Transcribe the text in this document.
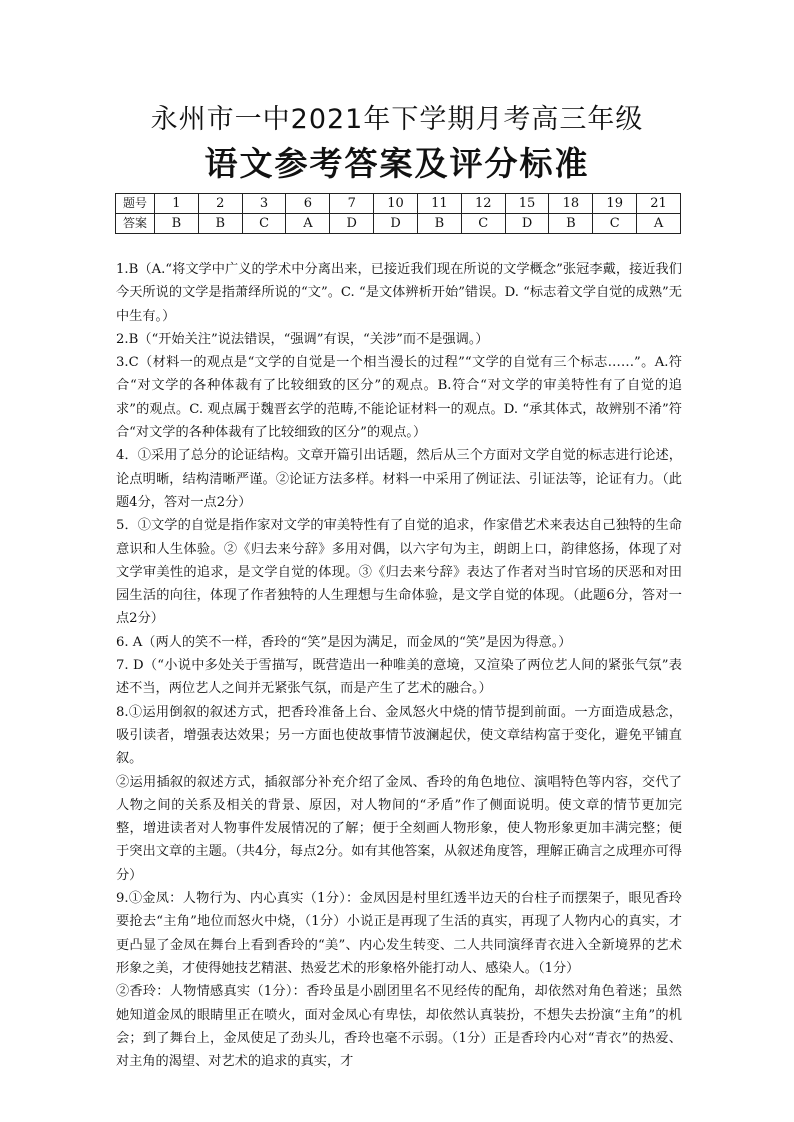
永州市一中2021年下学期月考高三年级
语文参考答案及评分标准
题号	1	2	3	6	7	10	11	12	15	18	19	21
答案	B	B	C	A	D	D	B	C	D	B	C	A

1.B（A.“将文学中广义的学术中分离出来，已接近我们现在所说的文学概念”张冠李戴，接近我们今天所说的文学是指萧绎所说的“文”。C. “是文体辨析开始”错误。D. “标志着文学自觉的成熟”无中生有。）

2.B（“开始关注”说法错误，“强调”有误，“关涉”而不是强调。）

3.C（材料一的观点是“文学的自觉是一个相当漫长的过程”“文学的自觉有三个标志……”。A.符合“对文学的各种体裁有了比较细致的区分”的观点。B.符合“对文学的审美特性有了自觉的追求”的观点。C. 观点属于魏晋玄学的范畴,不能论证材料一的观点。D. “承其体式，故辨别不淆”符合“对文学的各种体裁有了比较细致的区分”的观点。）

4．①采用了总分的论证结构。文章开篇引出话题，然后从三个方面对文学自觉的标志进行论述，论点明晰，结构清晰严谨。②论证方法多样。材料一中采用了例证法、引证法等，论证有力。（此题4分，答对一点2分）

5．①文学的自觉是指作家对文学的审美特性有了自觉的追求，作家借艺术来表达自己独特的生命意识和人生体验。②《归去来兮辞》多用对偶，以六字句为主，朗朗上口，韵律悠扬，体现了对文学审美性的追求，是文学自觉的体现。③《归去来兮辞》表达了作者对当时官场的厌恶和对田园生活的向往，体现了作者独特的人生理想与生命体验，是文学自觉的体现。（此题6分，答对一点2分）

6. A（两人的笑不一样，香玲的“笑”是因为满足，而金凤的“笑”是因为得意。）

7. D（“小说中多处关于雪描写，既营造出一种唯美的意境，又渲染了两位艺人间的紧张气氛”表述不当，两位艺人之间并无紧张气氛，而是产生了艺术的融合。）

8.①运用倒叙的叙述方式，把香玲准备上台、金凤怒火中烧的情节提到前面。一方面造成悬念，吸引读者，增强表达效果；另一方面也使故事情节波澜起伏，使文章结构富于变化，避免平铺直叙。

②运用插叙的叙述方式，插叙部分补充介绍了金凤、香玲的角色地位、演唱特色等内容，交代了人物之间的关系及相关的背景、原因，对人物间的“矛盾”作了侧面说明。使文章的情节更加完整，增进读者对人物事件发展情况的了解；便于全刻画人物形象，使人物形象更加丰满完整；便于突出文章的主题。（共4分，每点2分。如有其他答案，从叙述角度答，理解正确言之成理亦可得分）

9.①金凤：人物行为、内心真实（1分）：金凤因是村里红透半边天的台柱子而摆架子，眼见香玲要抢去“主角”地位而怒火中烧，（1分）小说正是再现了生活的真实，再现了人物内心的真实，才更凸显了金凤在舞台上看到香玲的“美”、内心发生转变、二人共同演绎青衣进入全新境界的艺术形象之美，才使得她技艺精湛、热爱艺术的形象格外能打动人、感染人。（1分）

②香玲：人物情感真实（1分）：香玲虽是小剧团里名不见经传的配角，却依然对角色着迷；虽然她知道金凤的眼睛里正在喷火，面对金凤心有卑怯，却依然认真装扮，不想失去扮演“主角”的机会；到了舞台上，金凤使足了劲头儿，香玲也毫不示弱。（1分）正是香玲内心对“青衣”的热爱、对主角的渴望、对艺术的追求的真实，才
